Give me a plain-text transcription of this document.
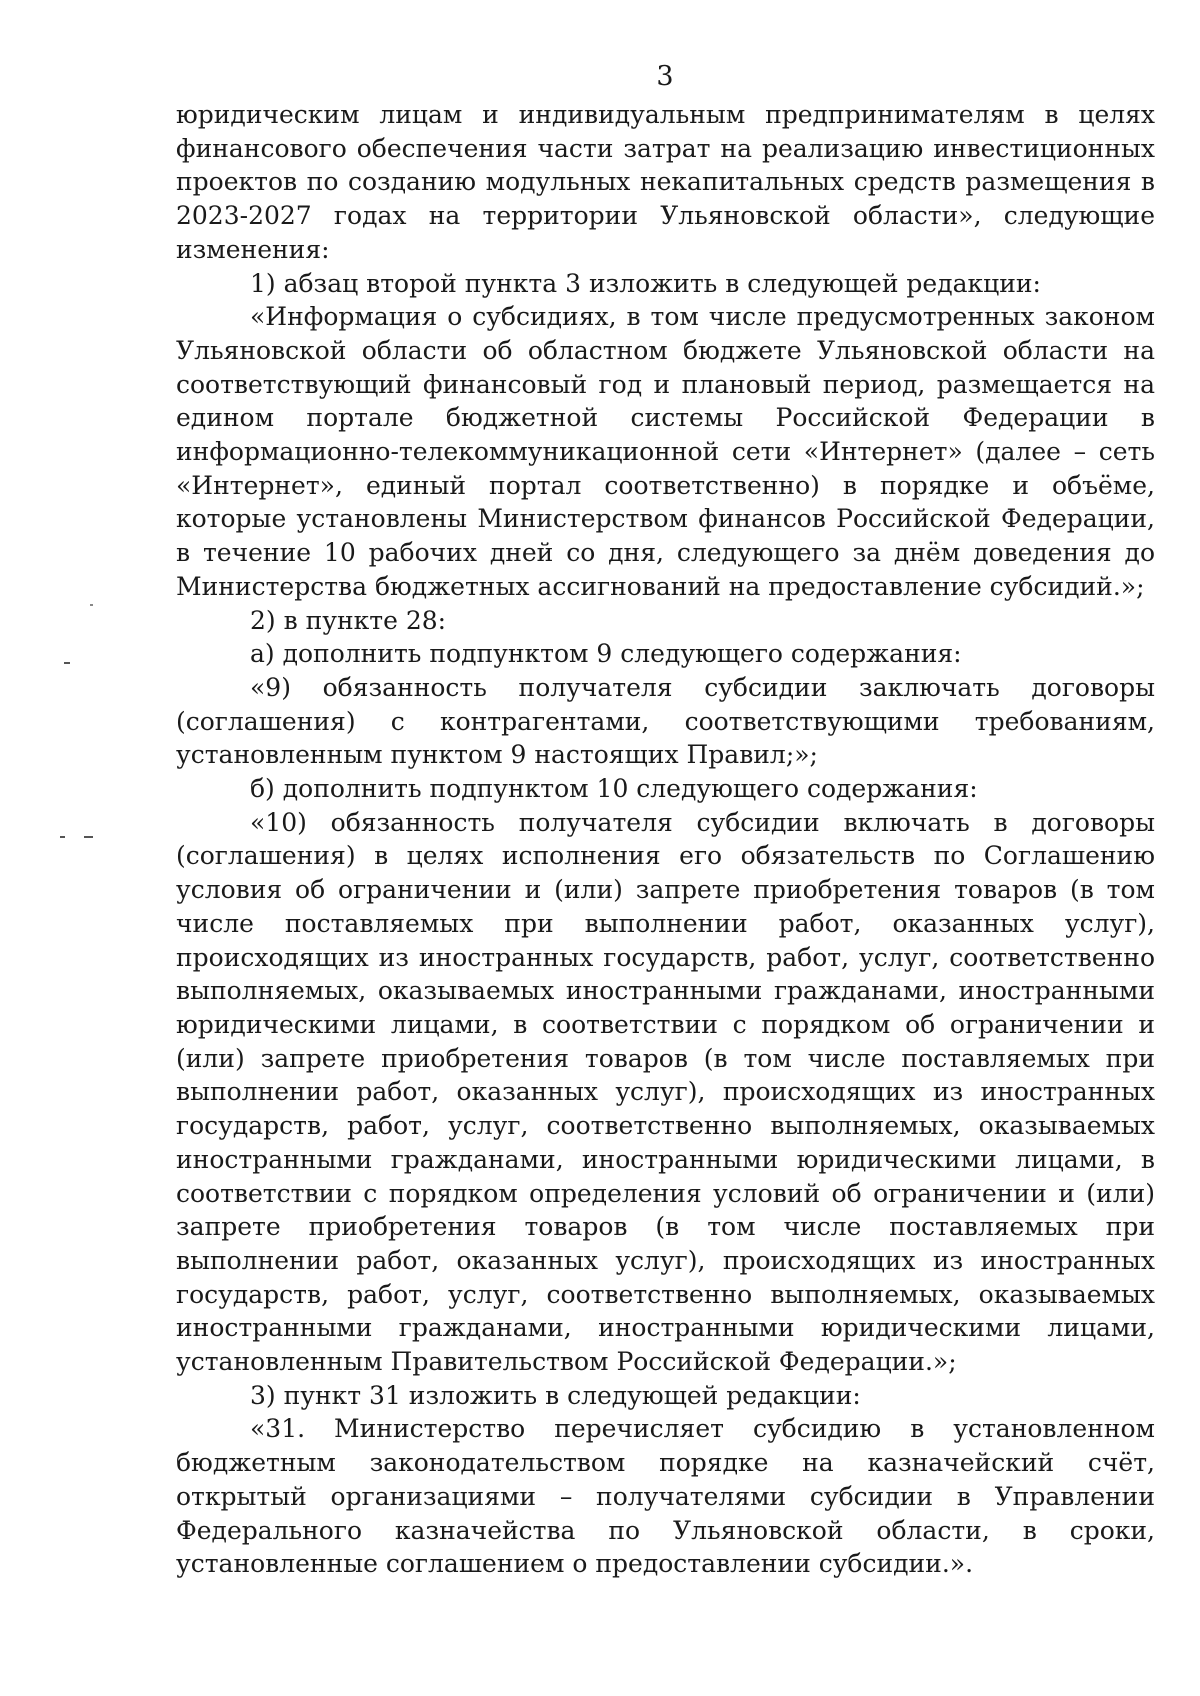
3

юридическим лицам и индивидуальным предпринимателям в целях финансового обеспечения части затрат на реализацию инвестиционных проектов по созданию модульных некапитальных средств размещения в 2023-2027 годах на территории Ульяновской области», следующие изменения:

1) абзац второй пункта 3 изложить в следующей редакции:

«Информация о субсидиях, в том числе предусмотренных законом Ульяновской области об областном бюджете Ульяновской области на соответствующий финансовый год и плановый период, размещается на едином портале бюджетной системы Российской Федерации в информационно-телекоммуникационной сети «Интернет» (далее – сеть «Интернет», единый портал соответственно) в порядке и объёме, которые установлены Министерством финансов Российской Федерации, в течение 10 рабочих дней со дня, следующего за днём доведения до Министерства бюджетных ассигнований на предоставление субсидий.»;

2) в пункте 28:

а) дополнить подпунктом 9 следующего содержания:

«9) обязанность получателя субсидии заключать договоры (соглашения) с контрагентами, соответствующими требованиям, установленным пунктом 9 настоящих Правил;»;

б) дополнить подпунктом 10 следующего содержания:

«10) обязанность получателя субсидии включать в договоры (соглашения) в целях исполнения его обязательств по Соглашению условия об ограничении и (или) запрете приобретения товаров (в том числе поставляемых при выполнении работ, оказанных услуг), происходящих из иностранных государств, работ, услуг, соответственно выполняемых, оказываемых иностранными гражданами, иностранными юридическими лицами, в соответствии с порядком об ограничении и (или) запрете приобретения товаров (в том числе поставляемых при выполнении работ, оказанных услуг), происходящих из иностранных государств, работ, услуг, соответственно выполняемых, оказываемых иностранными гражданами, иностранными юридическими лицами, в соответствии с порядком определения условий об ограничении и (или) запрете приобретения товаров (в том числе поставляемых при выполнении работ, оказанных услуг), происходящих из иностранных государств, работ, услуг, соответственно выполняемых, оказываемых иностранными гражданами, иностранными юридическими лицами, установленным Правительством Российской Федерации.»;

3) пункт 31 изложить в следующей редакции:

«31. Министерство перечисляет субсидию в установленном бюджетным законодательством порядке на казначейский счёт, открытый организациями – получателями субсидии в Управлении Федерального казначейства по Ульяновской области, в сроки, установленные соглашением о предоставлении субсидии.».
